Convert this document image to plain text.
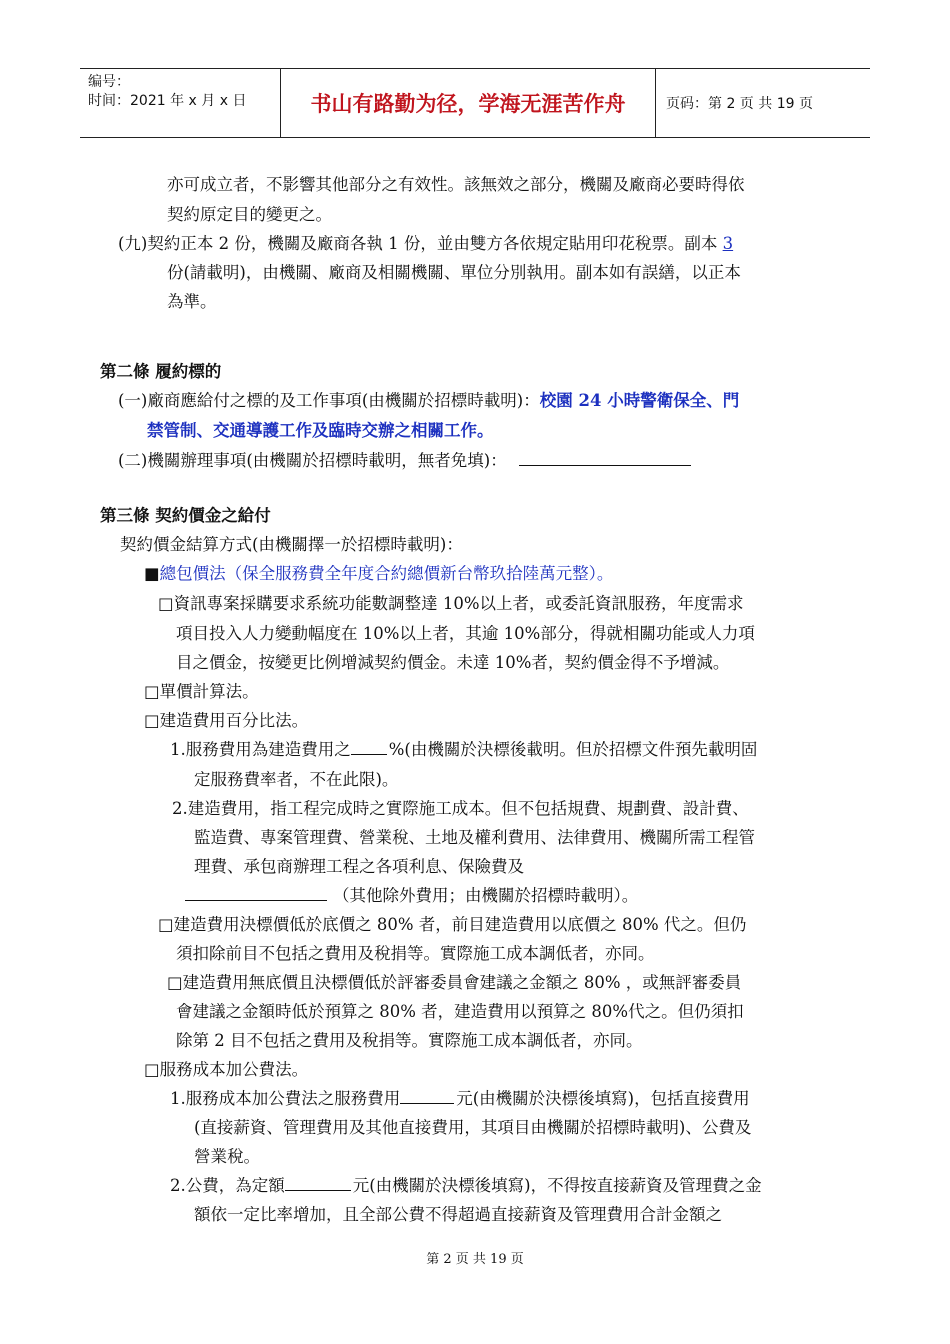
编号：
时间：2021 年 x 月 x 日	书山有路勤为径，学海无涯苦作舟	页码：第 2 页 共 19 页
亦可成立者，不影響其他部分之有效性。該無效之部分，機關及廠商必要時得依
契約原定目的變更之。
(九)契約正本 2 份，機關及廠商各執 1 份，並由雙方各依規定貼用印花稅票。副本 3
份(請載明)，由機關、廠商及相關機關、單位分別執用。副本如有誤繕，以正本
為準。
第二條 履約標的
(一)廠商應給付之標的及工作事項(由機關於招標時載明)：校園 24 小時警衛保全、門
禁管制、交通導護工作及臨時交辦之相關工作。
(二)機關辦理事項(由機關於招標時載明，無者免填)：
第三條 契約價金之給付
契約價金結算方式(由機關擇一於招標時載明)：
■總包價法（保全服務費全年度合約總價新台幣玖拾陸萬元整）。
□資訊專案採購要求系統功能數調整達 10%以上者，或委託資訊服務，年度需求
項目投入人力變動幅度在 10%以上者，其逾 10%部分，得就相關功能或人力項
目之價金，按變更比例增減契約價金。未達 10%者，契約價金得不予增減。
□單價計算法。
□建造費用百分比法。
1.服務費用為建造費用之 %(由機關於決標後載明。但於招標文件預先載明固
定服務費率者，不在此限)。
2.建造費用，指工程完成時之實際施工成本。但不包括規費、規劃費、設計費、
監造費、專案管理費、營業稅、土地及權利費用、法律費用、機關所需工程管
理費、承包商辦理工程之各項利息、保險費及
（其他除外費用；由機關於招標時載明）。
□建造費用決標價低於底價之 80% 者，前目建造費用以底價之 80% 代之。但仍
須扣除前目不包括之費用及稅捐等。實際施工成本調低者，亦同。
□建造費用無底價且決標價低於評審委員會建議之金額之 80% ，或無評審委員
會建議之金額時低於預算之 80% 者，建造費用以預算之 80%代之。但仍須扣
除第 2 目不包括之費用及稅捐等。實際施工成本調低者，亦同。
□服務成本加公費法。
1.服務成本加公費法之服務費用	元(由機關於決標後填寫)，包括直接費用
(直接薪資、管理費用及其他直接費用，其項目由機關於招標時載明)、公費及
營業稅。
2.公費，為定額	元(由機關於決標後填寫)，不得按直接薪資及管理費之金
額依一定比率增加，且全部公費不得超過直接薪資及管理費用合計金額之
第 2 页 共 19 页
